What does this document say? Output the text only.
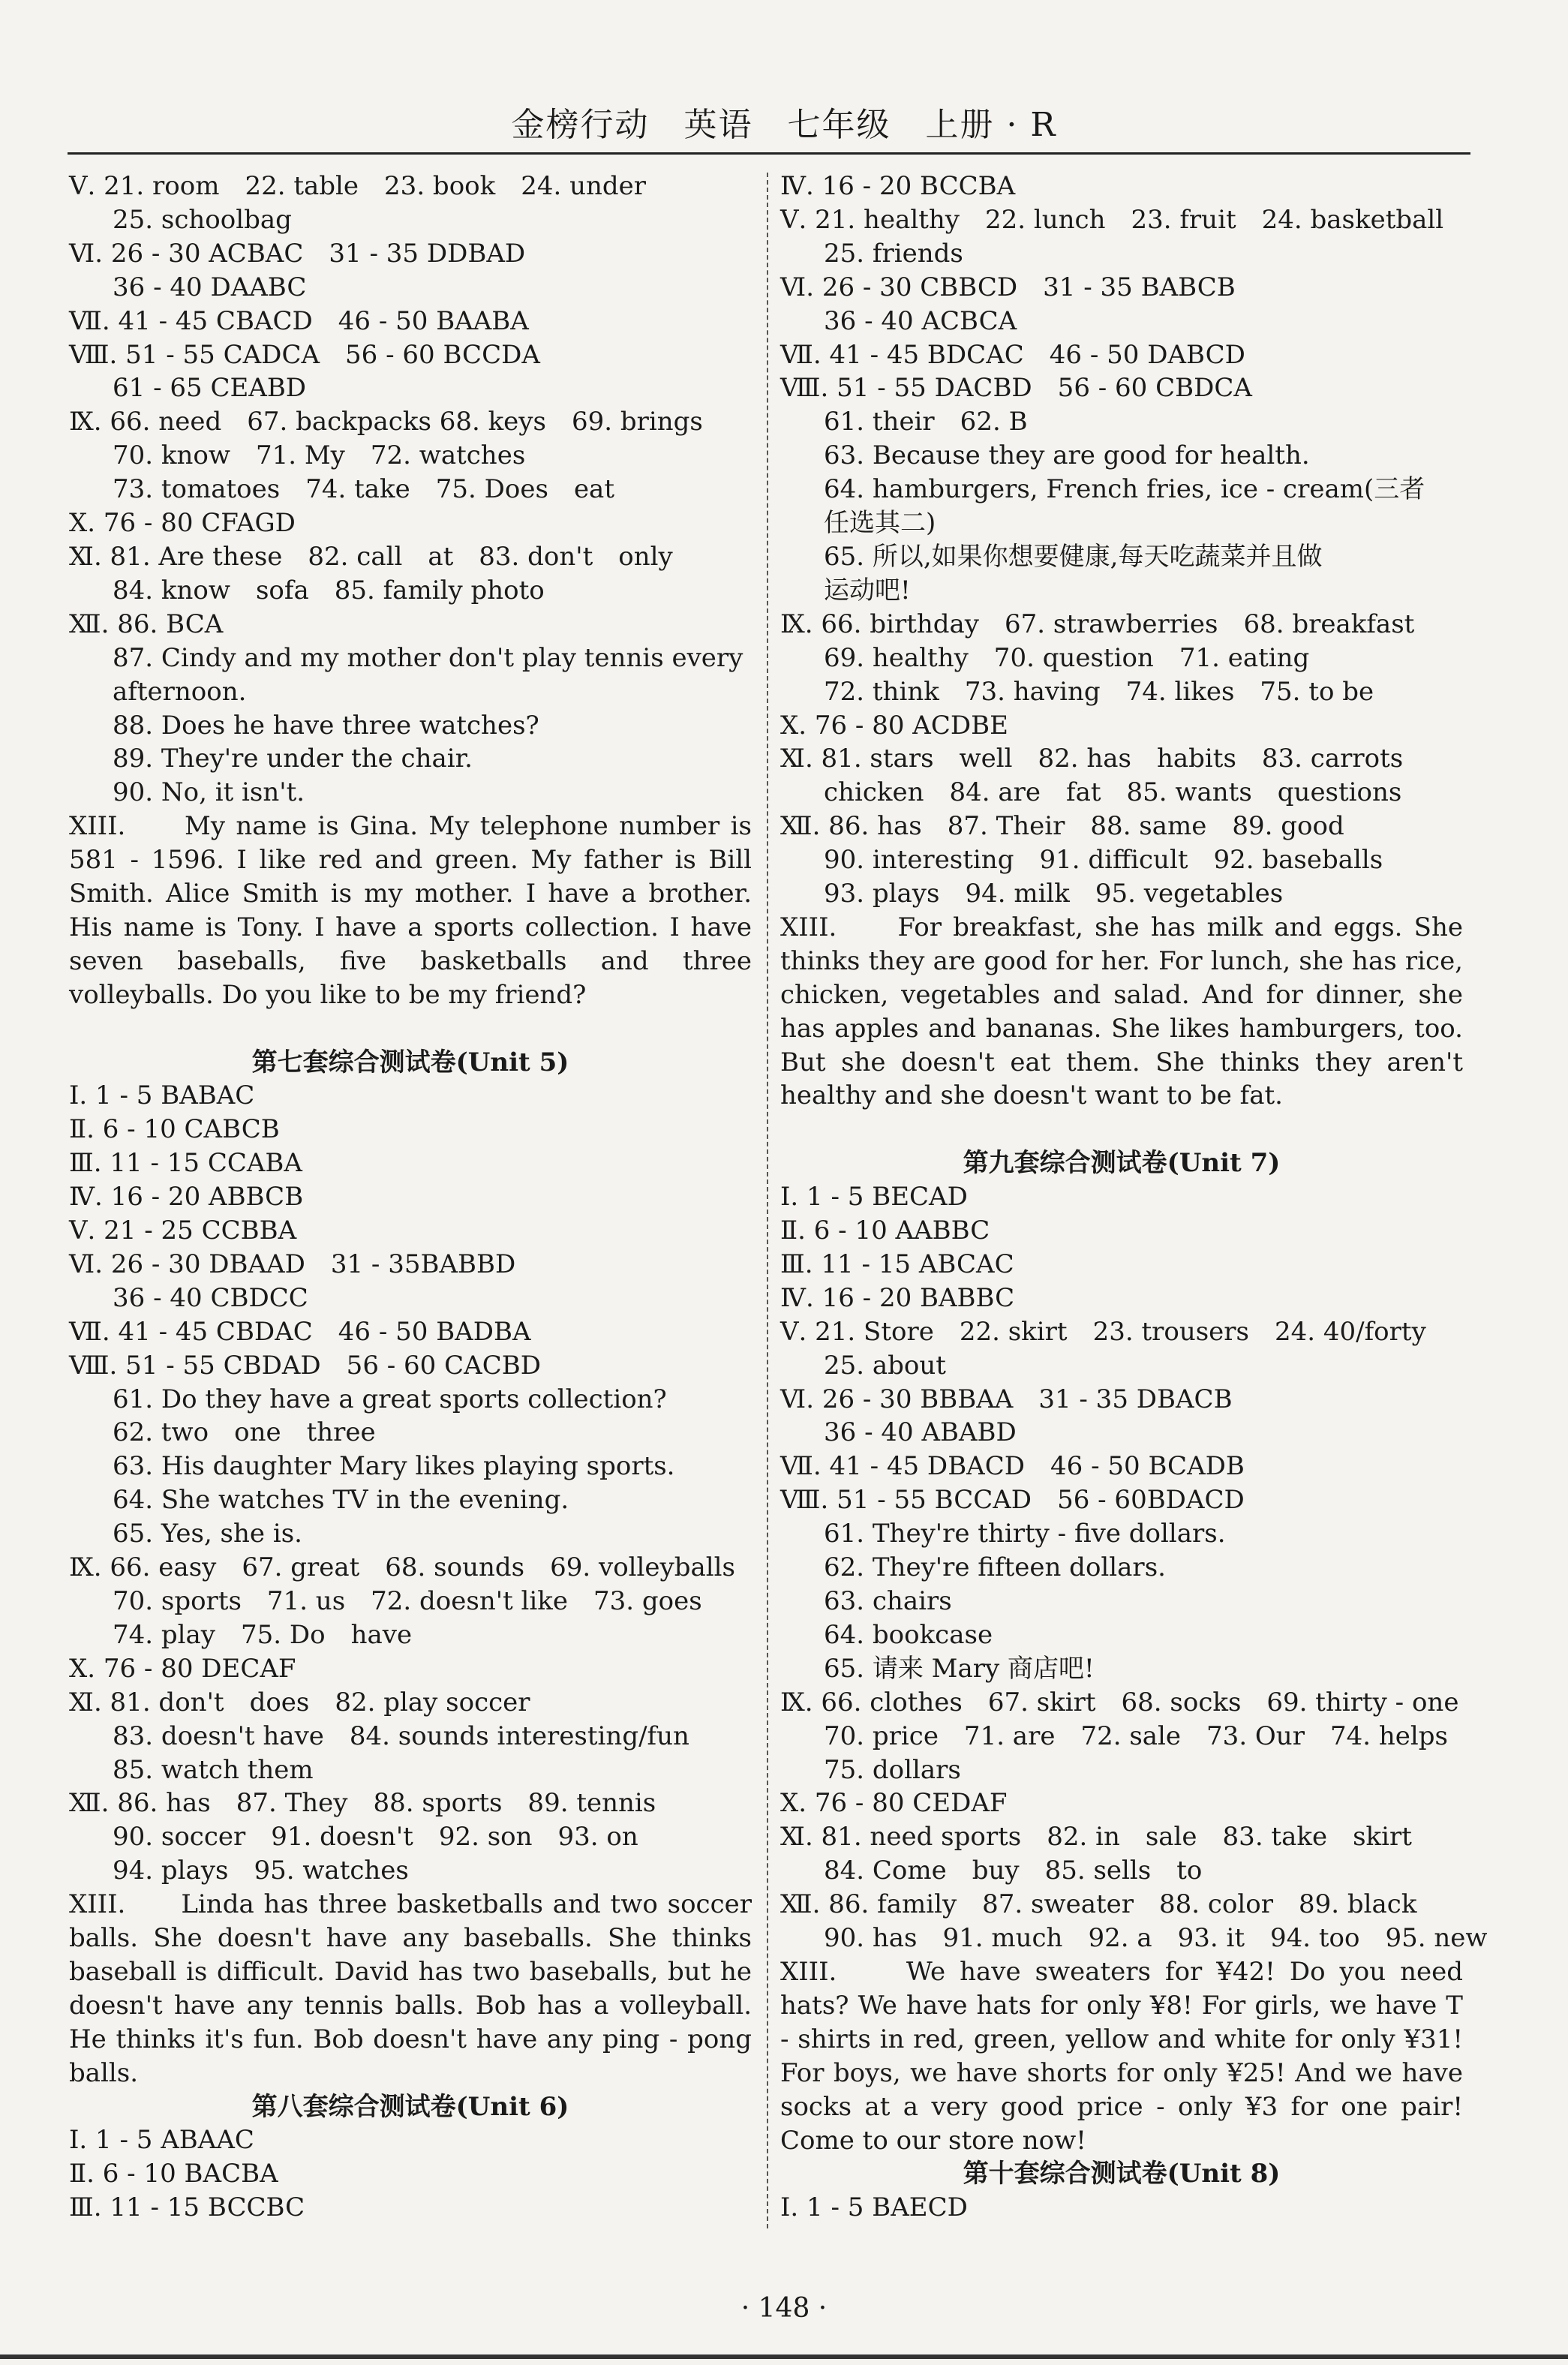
金榜行动　英语　七年级　上册 · R
Ⅴ. 21. room　22. table　23. book　24. under
25. schoolbag
Ⅵ. 26 - 30 ACBAC　31 - 35 DDBAD
36 - 40 DAABC
Ⅶ. 41 - 45 CBACD　46 - 50 BAABA
Ⅷ. 51 - 55 CADCA　56 - 60 BCCDA
61 - 65 CEABD
Ⅸ. 66. need　67. backpacks 68. keys　69. brings
70. know　71. My　72. watches
73. tomatoes　74. take　75. Does　eat
Ⅹ. 76 - 80 CFAGD
Ⅺ. 81. Are these　82. call　at　83. don't　only
84. know　sofa　85. family photo
Ⅻ. 86. BCA
87. Cindy and my mother don't play tennis every
afternoon.
88. Does he have three watches?
89. They're under the chair.
90. No, it isn't.
XIII.　　My name is Gina. My telephone number is 581 - 1596. I like red and green. My father is Bill Smith. Alice Smith is my mother. I have a brother. His name is Tony. I have a sports collection. I have seven baseballs, five basketballs and three volleyballs. Do you like to be my friend?
第七套综合测试卷(Unit 5)
Ⅰ. 1 - 5 BABAC
Ⅱ. 6 - 10 CABCB
Ⅲ. 11 - 15 CCABA
Ⅳ. 16 - 20 ABBCB
Ⅴ. 21 - 25 CCBBA
Ⅵ. 26 - 30 DBAAD　31 - 35BABBD
36 - 40 CBDCC
Ⅶ. 41 - 45 CBDAC　46 - 50 BADBA
Ⅷ. 51 - 55 CBDAD　56 - 60 CACBD
61. Do they have a great sports collection?
62. two　one　three
63. His daughter Mary likes playing sports.
64. She watches TV in the evening.
65. Yes, she is.
Ⅸ. 66. easy　67. great　68. sounds　69. volleyballs
70. sports　71. us　72. doesn't like　73. goes
74. play　75. Do　have
Ⅹ. 76 - 80 DECAF
Ⅺ. 81. don't　does　82. play soccer
83. doesn't have　84. sounds interesting/fun
85. watch them
Ⅻ. 86. has　87. They　88. sports　89. tennis
90. soccer　91. doesn't　92. son　93. on
94. plays　95. watches
XIII.　　Linda has three basketballs and two soccer balls. She doesn't have any baseballs. She thinks baseball is difficult. David has two baseballs, but he doesn't have any tennis balls. Bob has a volleyball. He thinks it's fun. Bob doesn't have any ping - pong balls.
第八套综合测试卷(Unit 6)
Ⅰ. 1 - 5 ABAAC
Ⅱ. 6 - 10 BACBA
Ⅲ. 11 - 15 BCCBC
Ⅳ. 16 - 20 BCCBA
Ⅴ. 21. healthy　22. lunch　23. fruit　24. basketball
25. friends
Ⅵ. 26 - 30 CBBCD　31 - 35 BABCB
36 - 40 ACBCA
Ⅶ. 41 - 45 BDCAC　46 - 50 DABCD
Ⅷ. 51 - 55 DACBD　56 - 60 CBDCA
61. their　62. B
63. Because they are good for health.
64. hamburgers, French fries, ice - cream(三者
任选其二)
65. 所以,如果你想要健康,每天吃蔬菜并且做
运动吧!
Ⅸ. 66. birthday　67. strawberries　68. breakfast
69. healthy　70. question　71. eating
72. think　73. having　74. likes　75. to be
Ⅹ. 76 - 80 ACDBE
Ⅺ. 81. stars　well　82. has　habits　83. carrots
chicken　84. are　fat　85. wants　questions
Ⅻ. 86. has　87. Their　88. same　89. good
90. interesting　91. difficult　92. baseballs
93. plays　94. milk　95. vegetables
XIII.　　For breakfast, she has milk and eggs. She thinks they are good for her. For lunch, she has rice, chicken, vegetables and salad. And for dinner, she has apples and bananas. She likes hamburgers, too. But she doesn't eat them. She thinks they aren't healthy and she doesn't want to be fat.
第九套综合测试卷(Unit 7)
Ⅰ. 1 - 5 BECAD
Ⅱ. 6 - 10 AABBC
Ⅲ. 11 - 15 ABCAC
Ⅳ. 16 - 20 BABBC
Ⅴ. 21. Store　22. skirt　23. trousers　24. 40/forty
25. about
Ⅵ. 26 - 30 BBBAA　31 - 35 DBACB
36 - 40 ABABD
Ⅶ. 41 - 45 DBACD　46 - 50 BCADB
Ⅷ. 51 - 55 BCCAD　56 - 60BDACD
61. They're thirty - five dollars.
62. They're fifteen dollars.
63. chairs
64. bookcase
65. 请来 Mary 商店吧!
Ⅸ. 66. clothes　67. skirt　68. socks　69. thirty - one
70. price　71. are　72. sale　73. Our　74. helps
75. dollars
Ⅹ. 76 - 80 CEDAF
Ⅺ. 81. need sports　82. in　sale　83. take　skirt
84. Come　buy　85. sells　to
Ⅻ. 86. family　87. sweater　88. color　89. black
90. has　91. much　92. a　93. it　94. too　95. new
XIII.　　We have sweaters for ¥42! Do you need hats? We have hats for only ¥8! For girls, we have T - shirts in red, green, yellow and white for only ¥31! For boys, we have shorts for only ¥25! And we have socks at a very good price - only ¥3 for one pair! Come to our store now!
第十套综合测试卷(Unit 8)
Ⅰ. 1 - 5 BAECD
· 148 ·
